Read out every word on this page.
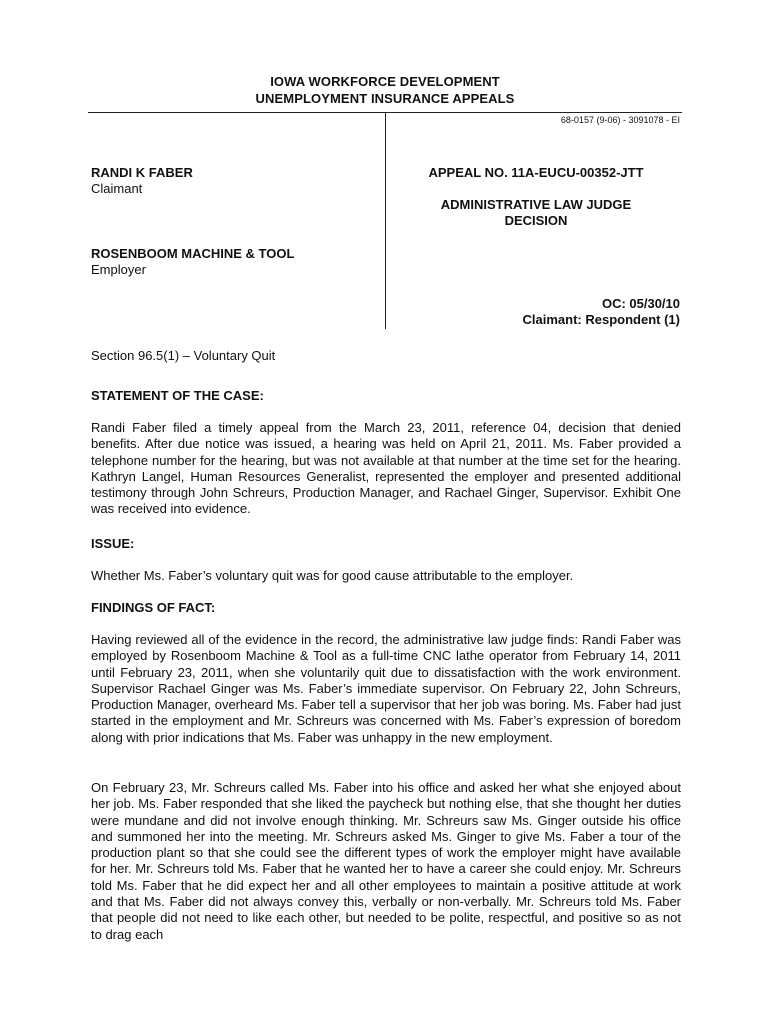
IOWA WORKFORCE DEVELOPMENT
UNEMPLOYMENT INSURANCE APPEALS
68-0157 (9-06) - 3091078 - EI
RANDI K FABER
Claimant
ROSENBOOM MACHINE & TOOL
Employer
APPEAL NO. 11A-EUCU-00352-JTT
ADMINISTRATIVE LAW JUDGE
DECISION
OC: 05/30/10
Claimant: Respondent (1)
Section 96.5(1) – Voluntary Quit
STATEMENT OF THE CASE:

Randi Faber filed a timely appeal from the March 23, 2011, reference 04, decision that denied benefits. After due notice was issued, a hearing was held on April 21, 2011. Ms. Faber provided a telephone number for the hearing, but was not available at that number at the time set for the hearing. Kathryn Langel, Human Resources Generalist, represented the employer and presented additional testimony through John Schreurs, Production Manager, and Rachael Ginger, Supervisor. Exhibit One was received into evidence.

ISSUE:

Whether Ms. Faber’s voluntary quit was for good cause attributable to the employer.

FINDINGS OF FACT:

Having reviewed all of the evidence in the record, the administrative law judge finds: Randi Faber was employed by Rosenboom Machine & Tool as a full-time CNC lathe operator from February 14, 2011 until February 23, 2011, when she voluntarily quit due to dissatisfaction with the work environment. Supervisor Rachael Ginger was Ms. Faber’s immediate supervisor. On February 22, John Schreurs, Production Manager, overheard Ms. Faber tell a supervisor that her job was boring. Ms. Faber had just started in the employment and Mr. Schreurs was concerned with Ms. Faber’s expression of boredom along with prior indications that Ms. Faber was unhappy in the new employment.

On February 23, Mr. Schreurs called Ms. Faber into his office and asked her what she enjoyed about her job. Ms. Faber responded that she liked the paycheck but nothing else, that she thought her duties were mundane and did not involve enough thinking. Mr. Schreurs saw Ms. Ginger outside his office and summoned her into the meeting. Mr. Schreurs asked Ms. Ginger to give Ms. Faber a tour of the production plant so that she could see the different types of work the employer might have available for her. Mr. Schreurs told Ms. Faber that he wanted her to have a career she could enjoy. Mr. Schreurs told Ms. Faber that he did expect her and all other employees to maintain a positive attitude at work and that Ms. Faber did not always convey this, verbally or non-verbally. Mr. Schreurs told Ms. Faber that people did not need to like each other, but needed to be polite, respectful, and positive so as not to drag each
